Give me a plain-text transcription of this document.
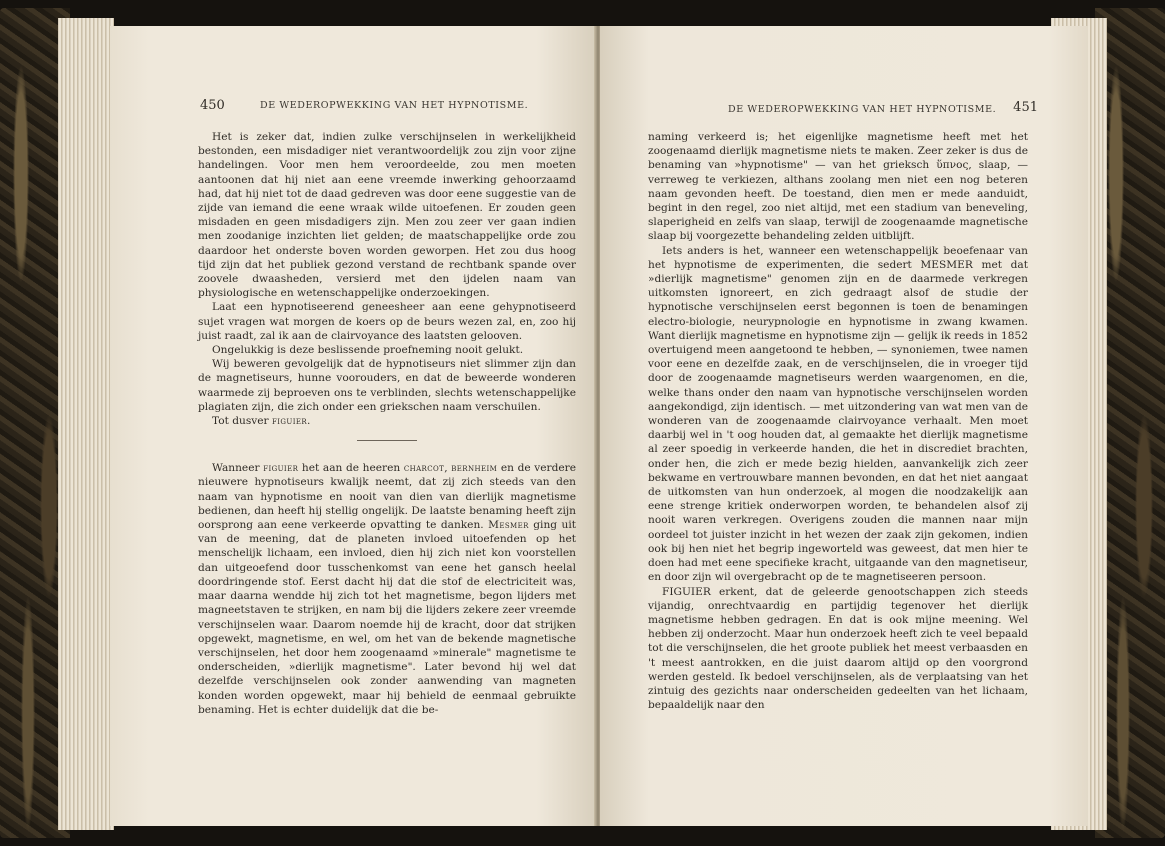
450	DE WEDEROPWEKKING VAN HET HYPNOTISME.

Het is zeker dat, indien zulke verschijnselen in werkelijkheid bestonden, een misdadiger niet verantwoordelijk zou zijn voor zijne handelingen. Voor men hem veroordeelde, zou men moeten aantoonen dat hij niet aan eene vreemde inwerking gehoorzaamd had, dat hij niet tot de daad gedreven was door eene suggestie van de zijde van iemand die eene wraak wilde uitoefenen. Er zouden geen misdaden en geen misdadigers zijn. Men zou zeer ver gaan indien men zoodanige inzichten liet gelden; de maatschappelijke orde zou daardoor het onderste boven worden geworpen. Het zou dus hoog tijd zijn dat het publiek gezond verstand de rechtbank spande over zoovele dwaasheden, versierd met den ijdelen naam van physiologische en wetenschappelijke onderzoekingen.

Laat een hypnotiseerend geneesheer aan eene gehypnotiseerd sujet vragen wat morgen de koers op de beurs wezen zal, en, zoo hij juist raadt, zal ik aan de clairvoyance des laatsten gelooven.

Ongelukkig is deze beslissende proefneming nooit gelukt.

Wij beweren gevolgelijk dat de hypnotiseurs niet slimmer zijn dan de magnetiseurs, hunne voorouders, en dat de beweerde wonderen waarmede zij beproeven ons te verblinden, slechts wetenschappelijke plagiaten zijn, die zich onder een griekschen naam verschuilen.

Tot dusver figuier.

Wanneer figuier het aan de heeren charcot, bernheim en de verdere nieuwere hypnotiseurs kwalijk neemt, dat zij zich steeds van den naam van hypnotisme en nooit van dien van dierlijk magnetisme bedienen, dan heeft hij stellig ongelijk. De laatste benaming heeft zijn oorsprong aan eene verkeerde opvatting te danken. Mesmer ging uit van de meening, dat de planeten invloed uitoefenden op het menschelijk lichaam, een invloed, dien hij zich niet kon voorstellen dan uitgeoefend door tusschenkomst van eene het gansch heelal doordringende stof. Eerst dacht hij dat die stof de electriciteit was, maar daarna wendde hij zich tot het magnetisme, begon lijders met magneetstaven te strijken, en nam bij die lijders zekere zeer vreemde verschijnselen waar. Daarom noemde hij de kracht, door dat strijken opgewekt, magnetisme, en wel, om het van de bekende magnetische verschijnselen, het door hem zoogenaamd »minerale" magnetisme te onderscheiden, »dierlijk magnetisme". Later bevond hij wel dat dezelfde verschijnselen ook zonder aanwending van magneten konden worden opgewekt, maar hij behield de eenmaal gebruikte benaming. Het is echter duidelijk dat die be-

DE WEDEROPWEKKING VAN HET HYPNOTISME. 451

naming verkeerd is; het eigenlijke magnetisme heeft met het zoogenaamd dierlijk magnetisme niets te maken. Zeer zeker is dus de benaming van »hypnotisme" — van het grieksch ὕπνος, slaap, — verreweg te verkiezen, althans zoolang men niet een nog beteren naam gevonden heeft. De toestand, dien men er mede aanduidt, begint in den regel, zoo niet altijd, met een stadium van beneveling, slaperigheid en zelfs van slaap, terwijl de zoogenaamde magnetische slaap bij voorgezette behandeling zelden uitblijft.

Iets anders is het, wanneer een wetenschappelijk beoefenaar van het hypnotisme de experimenten, die sedert MESMER met dat »dierlijk magnetisme" genomen zijn en de daarmede verkregen uitkomsten ignoreert, en zich gedraagt alsof de studie der hypnotische verschijnselen eerst begonnen is toen de benamingen electro-biologie, neurypnologie en hypnotisme in zwang kwamen. Want dierlijk magnetisme en hypnotisme zijn — gelijk ik reeds in 1852 overtuigend meen aangetoond te hebben, — synoniemen, twee namen voor eene en dezelfde zaak, en de verschijnselen, die in vroeger tijd door de zoogenaamde magnetiseurs werden waargenomen, en die, welke thans onder den naam van hypnotische verschijnselen worden aangekondigd, zijn identisch. — met uitzondering van wat men van de wonderen van de zoogenaamde clairvoyance verhaalt. Men moet daarbij wel in 't oog houden dat, al gemaakte het dierlijk magnetisme al zeer spoedig in verkeerde handen, die het in discrediet brachten, onder hen, die zich er mede bezig hielden, aanvankelijk zich zeer bekwame en vertrouwbare mannen bevonden, en dat het niet aangaat de uitkomsten van hun onderzoek, al mogen die noodzakelijk aan eene strenge kritiek onderworpen worden, te behandelen alsof zij nooit waren verkregen. Overigens zouden die mannen naar mijn oordeel tot juister inzicht in het wezen der zaak zijn gekomen, indien ook bij hen niet het begrip ingeworteld was geweest, dat men hier te doen had met eene specifieke kracht, uitgaande van den magnetiseur, en door zijn wil overgebracht op de te magnetiseeren persoon.

FIGUIER erkent, dat de geleerde genootschappen zich steeds vijandig, onrechtvaardig en partijdig tegenover het dierlijk magnetisme hebben gedragen. En dat is ook mijne meening. Wel hebben zij onderzocht. Maar hun onderzoek heeft zich te veel bepaald tot die verschijnselen, die het groote publiek het meest verbaasden en 't meest aantrokken, en die juist daarom altijd op den voorgrond werden gesteld. Ik bedoel verschijnselen, als de verplaatsing van het zintuig des gezichts naar onderscheiden gedeelten van het lichaam, bepaaldelijk naar den
